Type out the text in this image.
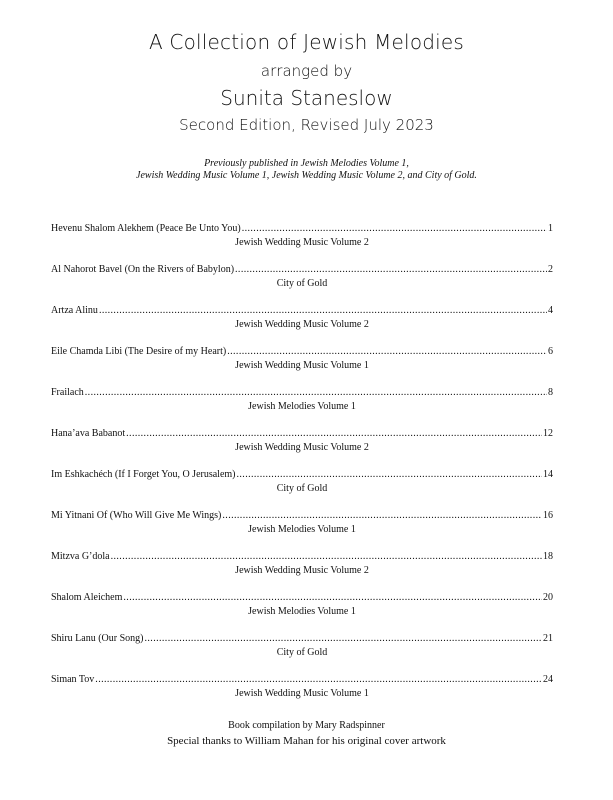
A Collection of Jewish Melodies
arranged by
Sunita Staneslow
Second Edition, Revised July 2023
Previously published in Jewish Melodies Volume 1,
Jewish Wedding Music Volume 1, Jewish Wedding Music Volume 2, and City of Gold.
Hevenu Shalom Alekhem (Peace Be Unto You) .....	1
Jewish Wedding Music Volume 2
Al Nahorot Bavel (On the Rivers of Babylon) .....	2
City of Gold
Artza Alinu .....	4
Jewish Wedding Music Volume 2
Eile Chamda Libi (The Desire of my Heart) .....	6
Jewish Wedding Music Volume 1
Frailach .....	8
Jewish Melodies Volume 1
Hana’ava Babanot .....	12
Jewish Wedding Music Volume 2
Im Eshkachéch (If I Forget You, O Jerusalem) .....	14
City of Gold
Mi Yitnani Of (Who Will Give Me Wings) .....	16
Jewish Melodies Volume 1
Mitzva G’dola .....	18
Jewish Wedding Music Volume 2
Shalom Aleichem .....	20
Jewish Melodies Volume 1
Shiru Lanu (Our Song) .....	21
City of Gold
Siman Tov .....	24
Jewish Wedding Music Volume 1
Book compilation by Mary Radspinner
Special thanks to William Mahan for his original cover artwork
